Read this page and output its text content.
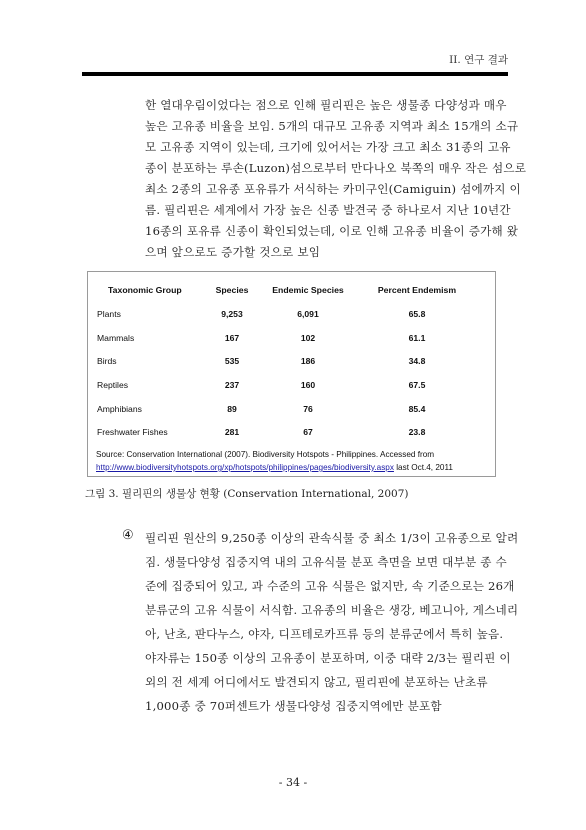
II. 연구 결과
한 열대우림이었다는 점으로 인해 필리핀은 높은 생물종 다양성과 매우
높은 고유종 비율을 보임. 5개의 대규모 고유종 지역과 최소 15개의 소규
모 고유종 지역이 있는데, 크기에 있어서는 가장 크고 최소 31종의 고유
종이 분포하는 루손(Luzon)섬으로부터 만다나오 북쪽의 매우 작은 섬으로
최소 2종의 고유종 포유류가 서식하는 카미구인(Camiguin) 섬에까지 이
름. 필리핀은 세계에서 가장 높은 신종 발견국 중 하나로서 지난 10년간
16종의 포유류 신종이 확인되었는데, 이로 인해 고유종 비율이 증가해 왔
으며 앞으로도 증가할 것으로 보임
Taxonomic Group	Species	Endemic Species	Percent Endemism
Plants	9,253	6,091	65.8
Mammals	167	102	61.1
Birds	535	186	34.8
Reptiles	237	160	67.5
Amphibians	89	76	85.4
Freshwater Fishes	281	67	23.8
Source: Conservation International (2007). Biodiversity Hotspots - Philippines. Accessed from
http://www.biodiversityhotspots.org/xp/hotspots/philippines/pages/biodiversity.aspx last Oct.4, 2011
그림 3. 필리핀의 생물상 현황 (Conservation International, 2007)
④ 필리핀 원산의 9,250종 이상의 관속식물 중 최소 1/3이 고유종으로 알려
짐. 생물다양성 집중지역 내의 고유식물 분포 측면을 보면 대부분 종 수
준에 집중되어 있고, 과 수준의 고유 식물은 없지만, 속 기준으로는 26개
분류군의 고유 식물이 서식함. 고유종의 비율은 생강, 베고니아, 게스네리
아, 난초, 판다누스, 야자, 디프테로카프류 등의 분류군에서 특히 높음.
야자류는 150종 이상의 고유종이 분포하며, 이중 대략 2/3는 필리핀 이
외의 전 세계 어디에서도 발견되지 않고, 필리핀에 분포하는 난초류
1,000종 중 70퍼센트가 생물다양성 집중지역에만 분포함
- 34 -
